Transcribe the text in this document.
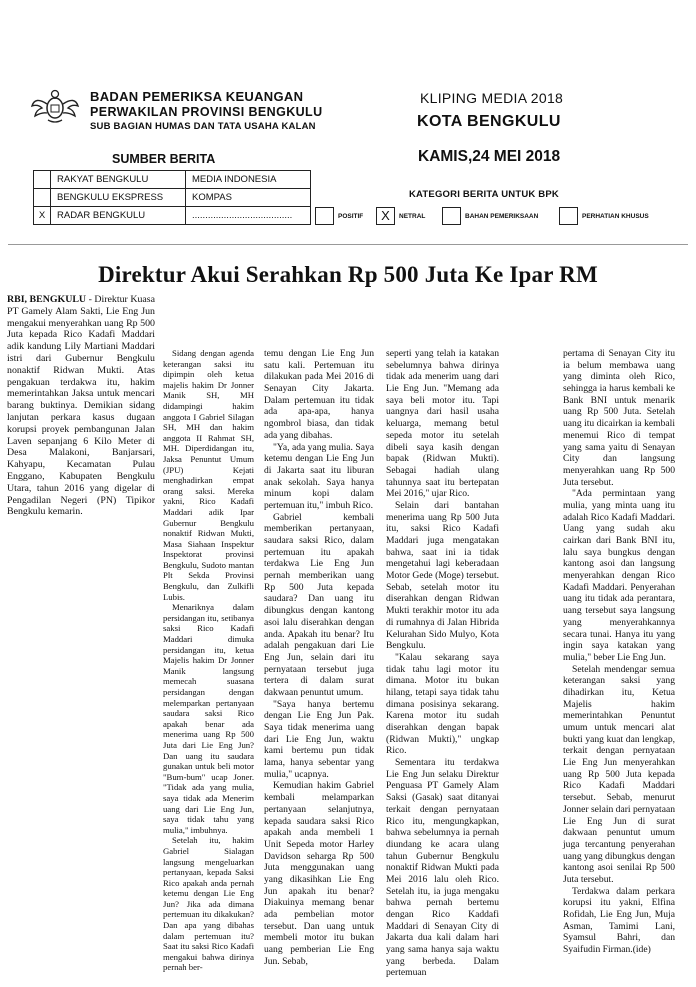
BADAN PEMERIKSA KEUANGAN
PERWAKILAN PROVINSI BENGKULU
SUB BAGIAN HUMAS DAN TATA USAHA KALAN
KLIPING MEDIA 2018
KOTA BENGKULU
SUMBER BERITA	KAMIS,24 MEI 2018
KATEGORI BERITA UNTUK BPK
	RAKYAT BENGKULU	MEDIA INDONESIA
	BENGKULU EKSPRESS	KOMPAS
X	RADAR BENGKULU	......................................	POSITIF	X	NETRAL	BAHAN PEMERIKSAAN	PERHATIAN KHUSUS
Direktur Akui Serahkan Rp 500 Juta Ke Ipar RM

RBI, BENGKULU - Direktur Kuasa PT Gamely Alam Sakti, Lie Eng Jun mengakui menyerahkan uang Rp 500 Juta kepada Rico Kadafi Maddari adik kandung Lily Martiani Maddari istri dari Gubernur Bengkulu nonaktif Ridwan Mukti. Atas pengakuan terdakwa itu, hakim memerintahkan Jaksa untuk mencari barang buktinya. Demikian sidang lanjutan perkara kasus dugaan korupsi proyek pembangunan Jalan Laven sepanjang 6 Kilo Meter di Desa Malakoni, Banjarsari, Kahyapu, Kecamatan Pulau Enggano, Kabupaten Bengkulu Utara, tahun 2016 yang digelar di Pengadilan Negeri (PN) Tipikor Bengkulu kemarin.

Sidang dengan agenda keterangan saksi itu dipimpin oleh ketua majelis hakim Dr Jonner Manik SH, MH didampingi hakim anggota I Gabriel Silagan SH, MH dan hakim anggota II Rahmat SH, MH. Diperdidangan itu, Jaksa Penuntut Umum (JPU) Kejati menghadirkan empat orang saksi. Mereka yakni, Rico Kadafi Maddari adik Ipar Gubernur Bengkulu nonaktif Ridwan Mukti, Masa Siahaan Inspektur Inspektorat provinsi Bengkulu, Sudoto mantan Plt Sekda Provinsi Bengkulu, dan Zulkifli Lubis.

Menariknya dalam persidangan itu, setibanya saksi Rico Kadafi Maddari dimuka persidangan itu, ketua Majelis hakim Dr Jonner Manik langsung memecah suasana persidangan dengan melemparkan pertanyaan saudara saksi Rico apakah benar ada menerima uang Rp 500 Juta dari Lie Eng Jun? Dan uang itu saudara gunakan untuk beli motor "Bum-bum" ucap Joner. "Tidak ada yang mulia, saya tidak ada Menerim uang dari Lie Eng Jun, saya tidak tahu yang mulia," imbuhnya.

Setelah itu, hakim Gabriel Sialagan langsung mengeluarkan pertanyaan, kepada Saksi Rico apakah anda pernah ketemu dengan Lie Eng Jun? Jika ada dimana pertemuan itu dikakukan? Dan apa yang dibahas dalam pertemuan itu? Saat itu saksi Rico Kadafi mengakui bahwa dirinya pernah ber-

temu dengan Lie Eng Jun satu kali. Pertemuan itu dilakukan pada Mei 2016 di Senayan City Jakarta. Dalam pertemuan itu tidak ada apa-apa, hanya ngombrol biasa, dan tidak ada yang dibahas.

"Ya, ada yang mulia. Saya ketemu dengan Lie Eng Jun di Jakarta saat itu liburan anak sekolah. Saya hanya minum kopi dalam pertemuan itu," imbuh Rico.

Gabriel kembali memberikan pertanyaan, saudara saksi Rico, dalam pertemuan itu apakah terdakwa Lie Eng Jun pernah memberikan uang Rp 500 Juta kepada saudara? Dan uang itu dibungkus dengan kantong asoi lalu diserahkan dengan anda. Apakah itu benar? Itu adalah pengakuan dari Lie Eng Jun, selain dari itu pernyataan tersebut juga tertera di dalam surat dakwaan penuntut umum.

"Saya hanya bertemu dengan Lie Eng Jun Pak. Saya tidak menerima uang dari Lie Eng Jun, waktu kami bertemu pun tidak lama, hanya sebentar yang mulia," ucapnya.

Kemudian hakim Gabriel kembali melamparkan pertanyaan selanjutnya, kepada saudara saksi Rico apakah anda membeli 1 Unit Sepeda motor Harley Davidson seharga Rp 500 Juta menggunakan uang yang dikasihkan Lie Eng Jun apakah itu benar? Diakuinya memang benar ada pembelian motor tersebut. Dan uang untuk membeli motor itu bukan uang pemberian Lie Eng Jun. Sebab,

seperti yang telah ia katakan sebelumnya bahwa dirinya tidak ada menerim uang dari Lie Eng Jun. "Memang ada saya beli motor itu. Tapi uangnya dari hasil usaha keluarga, memang betul sepeda motor itu setelah dibeli saya kasih dengan bapak (Ridwan Mukti). Sebagai hadiah ulang tahunnya saat itu bertepatan Mei 2016," ujar Rico.

Selain dari bantahan menerima uang Rp 500 Juta itu, saksi Rico Kadafi Maddari juga mengatakan bahwa, saat ini ia tidak mengetahui lagi keberadaan Motor Gede (Moge) tersebut. Sebab, setelah motor itu diserahkan dengan Ridwan Mukti terakhir motor itu ada di rumahnya di Jalan Hibrida Kelurahan Sido Mulyo, Kota Bengkulu.

"Kalau sekarang saya tidak tahu lagi motor itu dimana. Motor itu bukan hilang, tetapi saya tidak tahu dimana posisinya sekarang. Karena motor itu sudah diserahkan dengan bapak (Ridwan Mukti)," ungkap Rico.

Sementara itu terdakwa Lie Eng Jun selaku Direktur Penguasa PT Gamely Alam Saksi (Gasak) saat ditanyai terkait dengan pernyataan Rico itu, mengungkapkan, bahwa sebelumnya ia pernah diundang ke acara ulang tahun Gubernur Bengkulu nonaktif Ridwan Mukti pada Mei 2016 lalu oleh Rico. Setelah itu, ia juga mengaku bahwa pernah bertemu dengan Rico Kaddafi Maddari di Senayan City di Jakarta dua kali dalam hari yang sama hanya saja waktu yang berbeda. Dalam pertemuan

pertama di Senayan City itu ia belum membawa uang yang diminta oleh Rico, sehingga ia harus kembali ke Bank BNI untuk menarik uang Rp 500 Juta. Setelah uang itu dicairkan ia kembali menemui Rico di tempat yang sama yaitu di Senayan City dan langsung menyerahkan uang Rp 500 Juta tersebut.

"Ada permintaan yang mulia, yang minta uang itu adalah Rico Kadafi Maddari. Uang yang sudah aku cairkan dari Bank BNI itu, lalu saya bungkus dengan kantong asoi dan langsung menyerahkan dengan Rico Kadafi Maddari. Penyerahan uang itu tidak ada perantara, uang tersebut saya langsung yang menyerahkannya secara tunai. Hanya itu yang ingin saya katakan yang mulia," beber Lie Eng Jun.

Setelah mendengar semua keterangan saksi yang dihadirkan itu, Ketua Majelis hakim memerintahkan Penuntut umum untuk mencari alat bukti yang kuat dan lengkap, terkait dengan pernyataan Lie Eng Jun menyerahkan uang Rp 500 Juta kepada Rico Kadafi Maddari tersebut. Sebab, menurut Jonner selain dari pernyataan Lie Eng Jun di surat dakwaan penuntut umum juga tercantung penyerahan uang yang dibungkus dengan kantong asoi senilai Rp 500 Juta tersebut.

Terdakwa dalam perkara korupsi itu yakni, Elfina Rofidah, Lie Eng Jun, Muja Asman, Tamimi Lani, Syamsul Bahri, dan Syaifudin Firman.(ide)
